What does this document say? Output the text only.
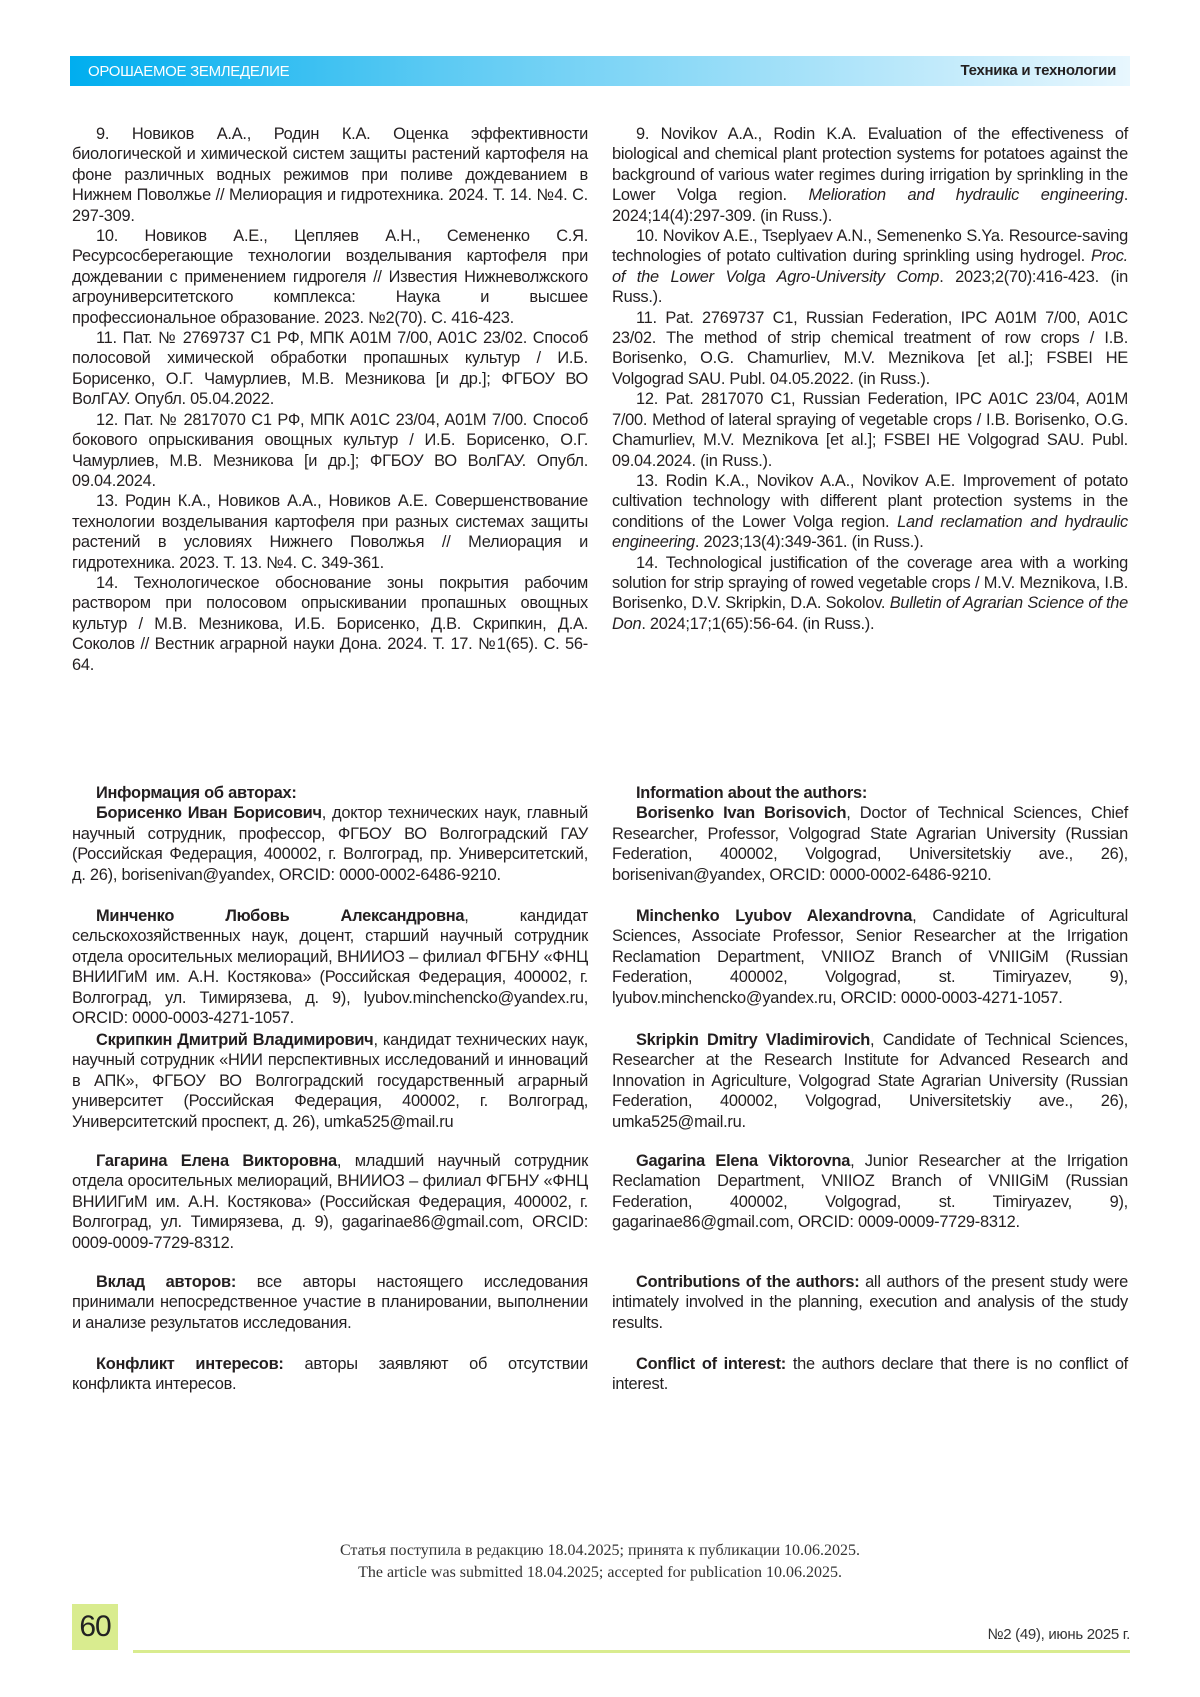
ОРОШАЕМОЕ ЗЕМЛЕДЕЛИЕ	Техника и технологии

9. Новиков А.А., Родин К.А. Оценка эффективности биологической и химической систем защиты растений картофеля на фоне различных водных режимов при поливе дождеванием в Нижнем Поволжье // Мелиорация и гидротехника. 2024. Т. 14. №4. С. 297-309.

10. Новиков А.Е., Цепляев А.Н., Семененко С.Я. Ресурсосберегающие технологии возделывания картофеля при дождевании с применением гидрогеля // Известия Нижневолжского агроуниверситетского комплекса: Наука и высшее профессиональное образование. 2023. №2(70). С. 416-423.

11. Пат. № 2769737 С1 РФ, МПК A01M 7/00, A01C 23/02. Способ полосовой химической обработки пропашных культур / И.Б. Борисенко, О.Г. Чамурлиев, М.В. Мезникова [и др.]; ФГБОУ ВО ВолГАУ. Опубл. 05.04.2022.

12. Пат. № 2817070 С1 РФ, МПК A01C 23/04, A01M 7/00. Способ бокового опрыскивания овощных культур / И.Б. Борисенко, О.Г. Чамурлиев, М.В. Мезникова [и др.]; ФГБОУ ВО ВолГАУ. Опубл. 09.04.2024.

13. Родин К.А., Новиков А.А., Новиков А.Е. Совершенствование технологии возделывания картофеля при разных системах защиты растений в условиях Нижнего Поволжья // Мелиорация и гидротехника. 2023. Т. 13. №4. С. 349-361.

14. Технологическое обоснование зоны покрытия рабочим раствором при полосовом опрыскивании пропашных овощных культур / М.В. Мезникова, И.Б. Борисенко, Д.В. Скрипкин, Д.А. Соколов // Вестник аграрной науки Дона. 2024. Т. 17. №1(65). С. 56-64.

9. Novikov A.A., Rodin K.A. Evaluation of the effectiveness of biological and chemical plant protection systems for potatoes against the background of various water regimes during irrigation by sprinkling in the Lower Volga region. Melioration and hydraulic engineering. 2024;14(4):297-309. (in Russ.).

10. Novikov A.E., Tseplyaev A.N., Semenenko S.Ya. Resource-saving technologies of potato cultivation during sprinkling using hydrogel. Proc. of the Lower Volga Agro-University Comp. 2023;2(70):416-423. (in Russ.).

11. Pat. 2769737 C1, Russian Federation, IPC A01M 7/00, A01C 23/02. The method of strip chemical treatment of row crops / I.B. Borisenko, O.G. Chamurliev, M.V. Meznikova [et al.]; FSBEI HE Volgograd SAU. Publ. 04.05.2022. (in Russ.).

12. Pat. 2817070 C1, Russian Federation, IPC A01C 23/04, A01M 7/00. Method of lateral spraying of vegetable crops / I.B. Borisenko, O.G. Chamurliev, M.V. Meznikova [et al.]; FSBEI HE Volgograd SAU. Publ. 09.04.2024. (in Russ.).

13. Rodin K.A., Novikov A.A., Novikov A.E. Improvement of potato cultivation technology with different plant protection systems in the conditions of the Lower Volga region. Land reclamation and hydraulic engineering. 2023;13(4):349-361. (in Russ.).

14. Technological justification of the coverage area with a working solution for strip spraying of rowed vegetable crops / M.V. Meznikova, I.B. Borisenko, D.V. Skripkin, D.A. Sokolov. Bulletin of Agrarian Science of the Don. 2024;17;1(65):56-64. (in Russ.).

Информация об авторах:

Борисенко Иван Борисович, доктор технических наук, главный научный сотрудник, профессор, ФГБОУ ВО Волгоградский ГАУ (Российская Федерация, 400002, г. Волгоград, пр. Университетский, д. 26), borisenivan@yandex, ORCID: 0000-0002-6486-9210.

Минченко Любовь Александровна, кандидат сельскохозяйственных наук, доцент, старший научный сотрудник отдела оросительных мелиораций, ВНИИОЗ – филиал ФГБНУ «ФНЦ ВНИИГиМ им. А.Н. Костякова» (Российская Федерация, 400002, г. Волгоград, ул. Тимирязева, д. 9), lyubov.minchencko@yandex.ru, ORCID: 0000-0003-4271-1057.

Скрипкин Дмитрий Владимирович, кандидат технических наук, научный сотрудник «НИИ перспективных исследований и инноваций в АПК», ФГБОУ ВО Волгоградский государственный аграрный университет (Российская Федерация, 400002, г. Волгоград, Университетский проспект, д. 26), umka525@mail.ru

Гагарина Елена Викторовна, младший научный сотрудник отдела оросительных мелиораций, ВНИИОЗ – филиал ФГБНУ «ФНЦ ВНИИГиМ им. А.Н. Костякова» (Российская Федерация, 400002, г. Волгоград, ул. Тимирязева, д. 9), gagarinae86@gmail.com, ORCID: 0009-0009-7729-8312.

Вклад авторов: все авторы настоящего исследования принимали непосредственное участие в планировании, выполнении и анализе результатов исследования.

Конфликт интересов: авторы заявляют об отсутствии конфликта интересов.

Information about the authors:

Borisenko Ivan Borisovich, Doctor of Technical Sciences, Chief Researcher, Professor, Volgograd State Agrarian University (Russian Federation, 400002, Volgograd, Universitetskiy ave., 26), borisenivan@yandex, ORCID: 0000-0002-6486-9210.

Minchenko Lyubov Alexandrovna, Candidate of Agricultural Sciences, Associate Professor, Senior Researcher at the Irrigation Reclamation Department, VNIIOZ Branch of VNIIGiM (Russian Federation, 400002, Volgograd, st. Timiryazev, 9), lyubov.minchencko@yandex.ru, ORCID: 0000-0003-4271-1057.

Skripkin Dmitry Vladimirovich, Candidate of Technical Sciences, Researcher at the Research Institute for Advanced Research and Innovation in Agriculture, Volgograd State Agrarian University (Russian Federation, 400002, Volgograd, Universitetskiy ave., 26), umka525@mail.ru.

Gagarina Elena Viktorovna, Junior Researcher at the Irrigation Reclamation Department, VNIIOZ Branch of VNIIGiM (Russian Federation, 400002, Volgograd, st. Timiryazev, 9), gagarinae86@gmail.com, ORCID: 0009-0009-7729-8312.

Contributions of the authors: all authors of the present study were intimately involved in the planning, execution and analysis of the study results.

Conflict of interest: the authors declare that there is no conflict of interest.

Статья поступила в редакцию 18.04.2025; принята к публикации 10.06.2025.
The article was submitted 18.04.2025; accepted for publication 10.06.2025.
60	№2 (49), июнь 2025 г.
